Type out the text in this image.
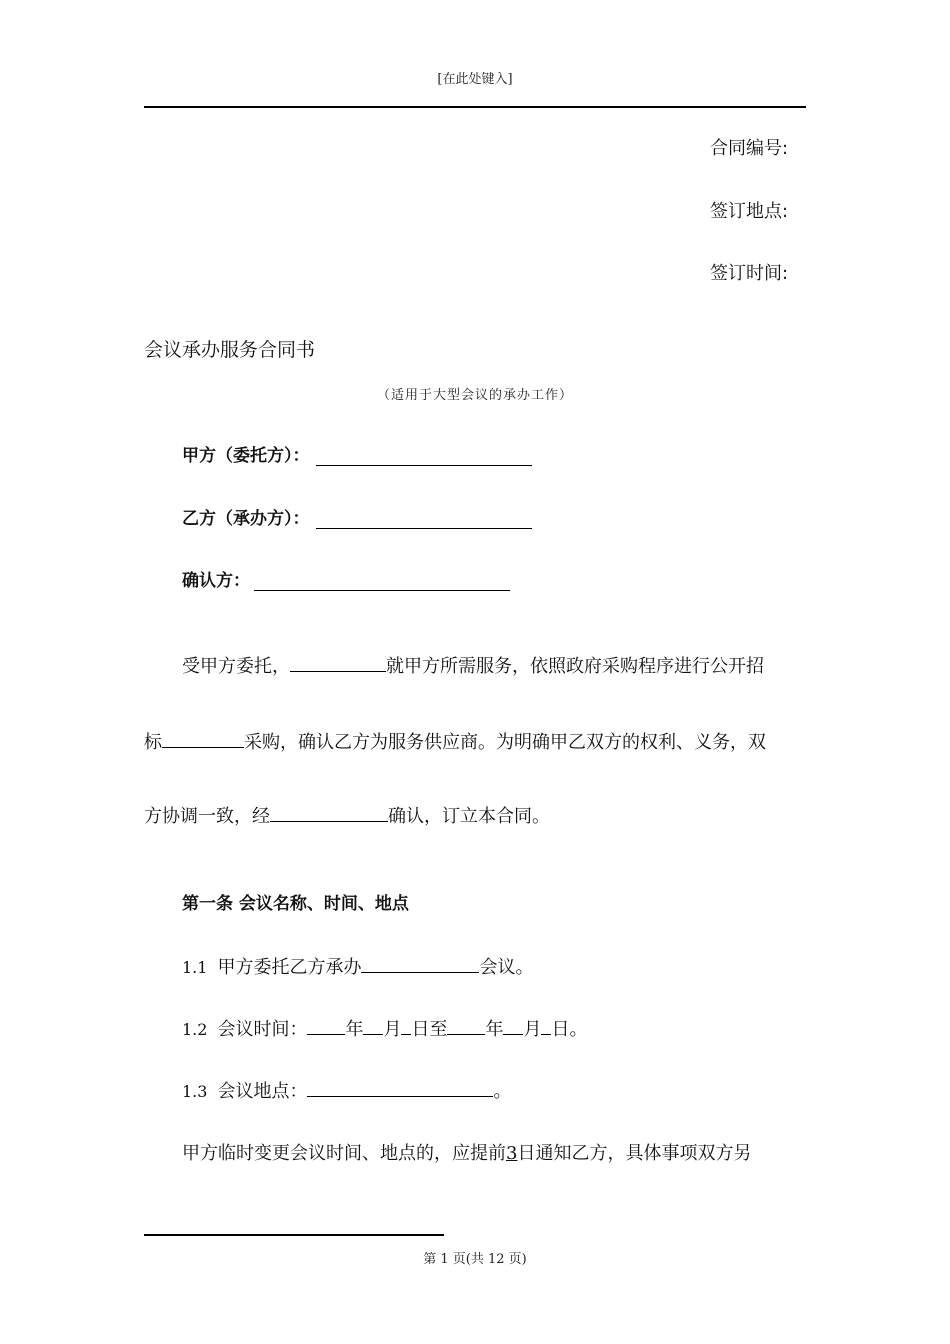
[在此处键入]
合同编号:
签订地点:
签订时间:
会议承办服务合同书
（适用于大型会议的承办工作）
甲方（委托方）：
乙方（承办方）：
确认方：
受甲方委托，	就甲方所需服务，依照政府采购程序进行公开招
标	采购，确认乙方为服务供应商。为明确甲乙双方的权利、义务，双
方协调一致，经	确认，订立本合同。
第一条 会议名称、时间、地点
1.1 甲方委托乙方承办	会议。
1.2 会议时间： 年 月 日至 年 月 日。
1.3 会议地点：	。
甲方临时变更会议时间、地点的，应提前3日通知乙方，具体事项双方另
第 1 页(共 12 页)
